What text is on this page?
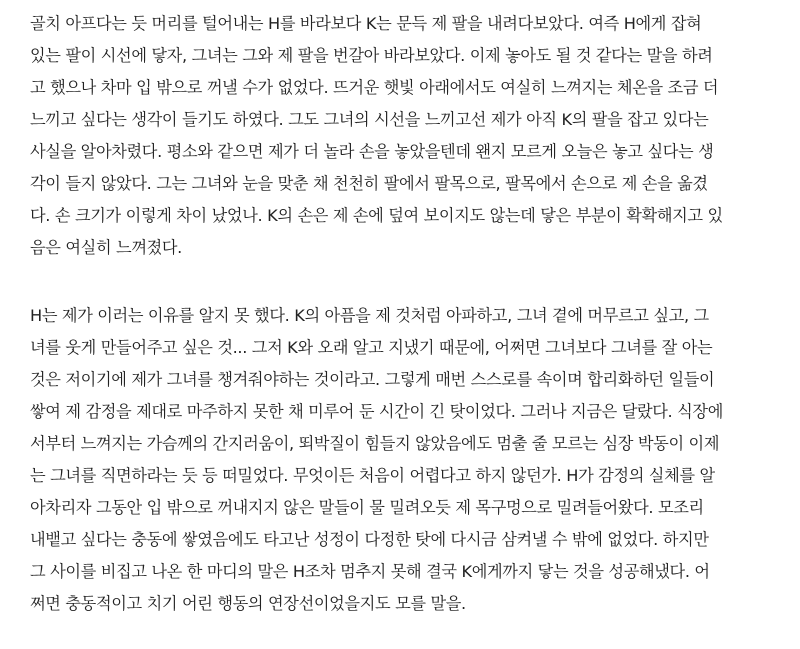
골치 아프다는 듯 머리를 털어내는 H를 바라보다 K는 문득 제 팔을 내려다보았다. 여즉 H에게 잡혀
있는 팔이 시선에 닿자, 그녀는 그와 제 팔을 번갈아 바라보았다. 이제 놓아도 될 것 같다는 말을 하려
고 했으나 차마 입 밖으로 꺼낼 수가 없었다. 뜨거운 햇빛 아래에서도 여실히 느껴지는 체온을 조금 더
느끼고 싶다는 생각이 들기도 하였다. 그도 그녀의 시선을 느끼고선 제가 아직 K의 팔을 잡고 있다는
사실을 알아차렸다. 평소와 같으면 제가 더 놀라 손을 놓았을텐데 왠지 모르게 오늘은 놓고 싶다는 생
각이 들지 않았다. 그는 그녀와 눈을 맞춘 채 천천히 팔에서 팔목으로, 팔목에서 손으로 제 손을 옮겼
다. 손 크기가 이렇게 차이 났었나. K의 손은 제 손에 덮여 보이지도 않는데 닿은 부분이 확확해지고 있
음은 여실히 느껴졌다.
H는 제가 이러는 이유를 알지 못 했다. K의 아픔을 제 것처럼 아파하고, 그녀 곁에 머무르고 싶고, 그
녀를 웃게 만들어주고 싶은 것... 그저 K와 오래 알고 지냈기 때문에, 어쩌면 그녀보다 그녀를 잘 아는
것은 저이기에 제가 그녀를 챙겨줘야하는 것이라고. 그렇게 매번 스스로를 속이며 합리화하던 일들이
쌓여 제 감정을 제대로 마주하지 못한 채 미루어 둔 시간이 긴 탓이었다. 그러나 지금은 달랐다. 식장에
서부터 느껴지는 가슴께의 간지러움이, 뙤박질이 힘들지 않았음에도 멈출 줄 모르는 심장 박동이 이제
는 그녀를 직면하라는 듯 등 떠밀었다. 무엇이든 처음이 어렵다고 하지 않던가. H가 감정의 실체를 알
아차리자 그동안 입 밖으로 꺼내지지 않은 말들이 물 밀려오듯 제 목구멍으로 밀려들어왔다. 모조리
내뱉고 싶다는 충동에 쌓였음에도 타고난 성정이 다정한 탓에 다시금 삼켜낼 수 밖에 없었다. 하지만
그 사이를 비집고 나온 한 마디의 말은 H조차 멈추지 못해 결국 K에게까지 닿는 것을 성공해냈다. 어
쩌면 충동적이고 치기 어린 행동의 연장선이었을지도 모를 말을.
